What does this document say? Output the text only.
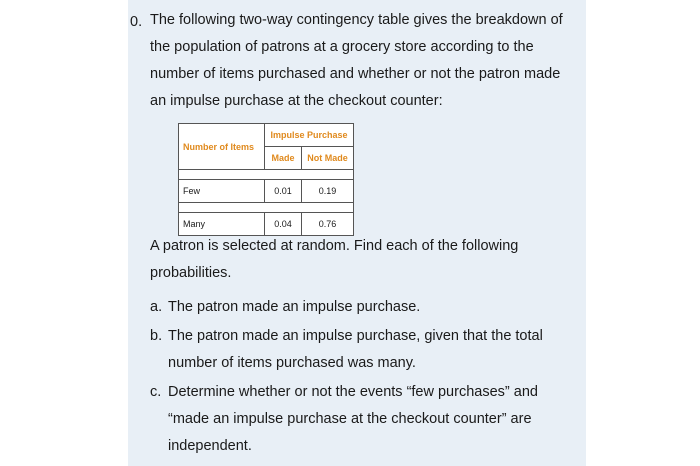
0. The following two-way contingency table gives the breakdown of the population of patrons at a grocery store according to the number of items purchased and whether or not the patron made an impulse purchase at the checkout counter:
Number of Items	Impulse Purchase	
	Made	Not Made

Few	0.01	0.19

Many	0.04	0.76
A patron is selected at random. Find each of the following probabilities.
a. The patron made an impulse purchase.
b. The patron made an impulse purchase, given that the total number of items purchased was many.
c. Determine whether or not the events “few purchases” and “made an impulse purchase at the checkout counter” are independent.
